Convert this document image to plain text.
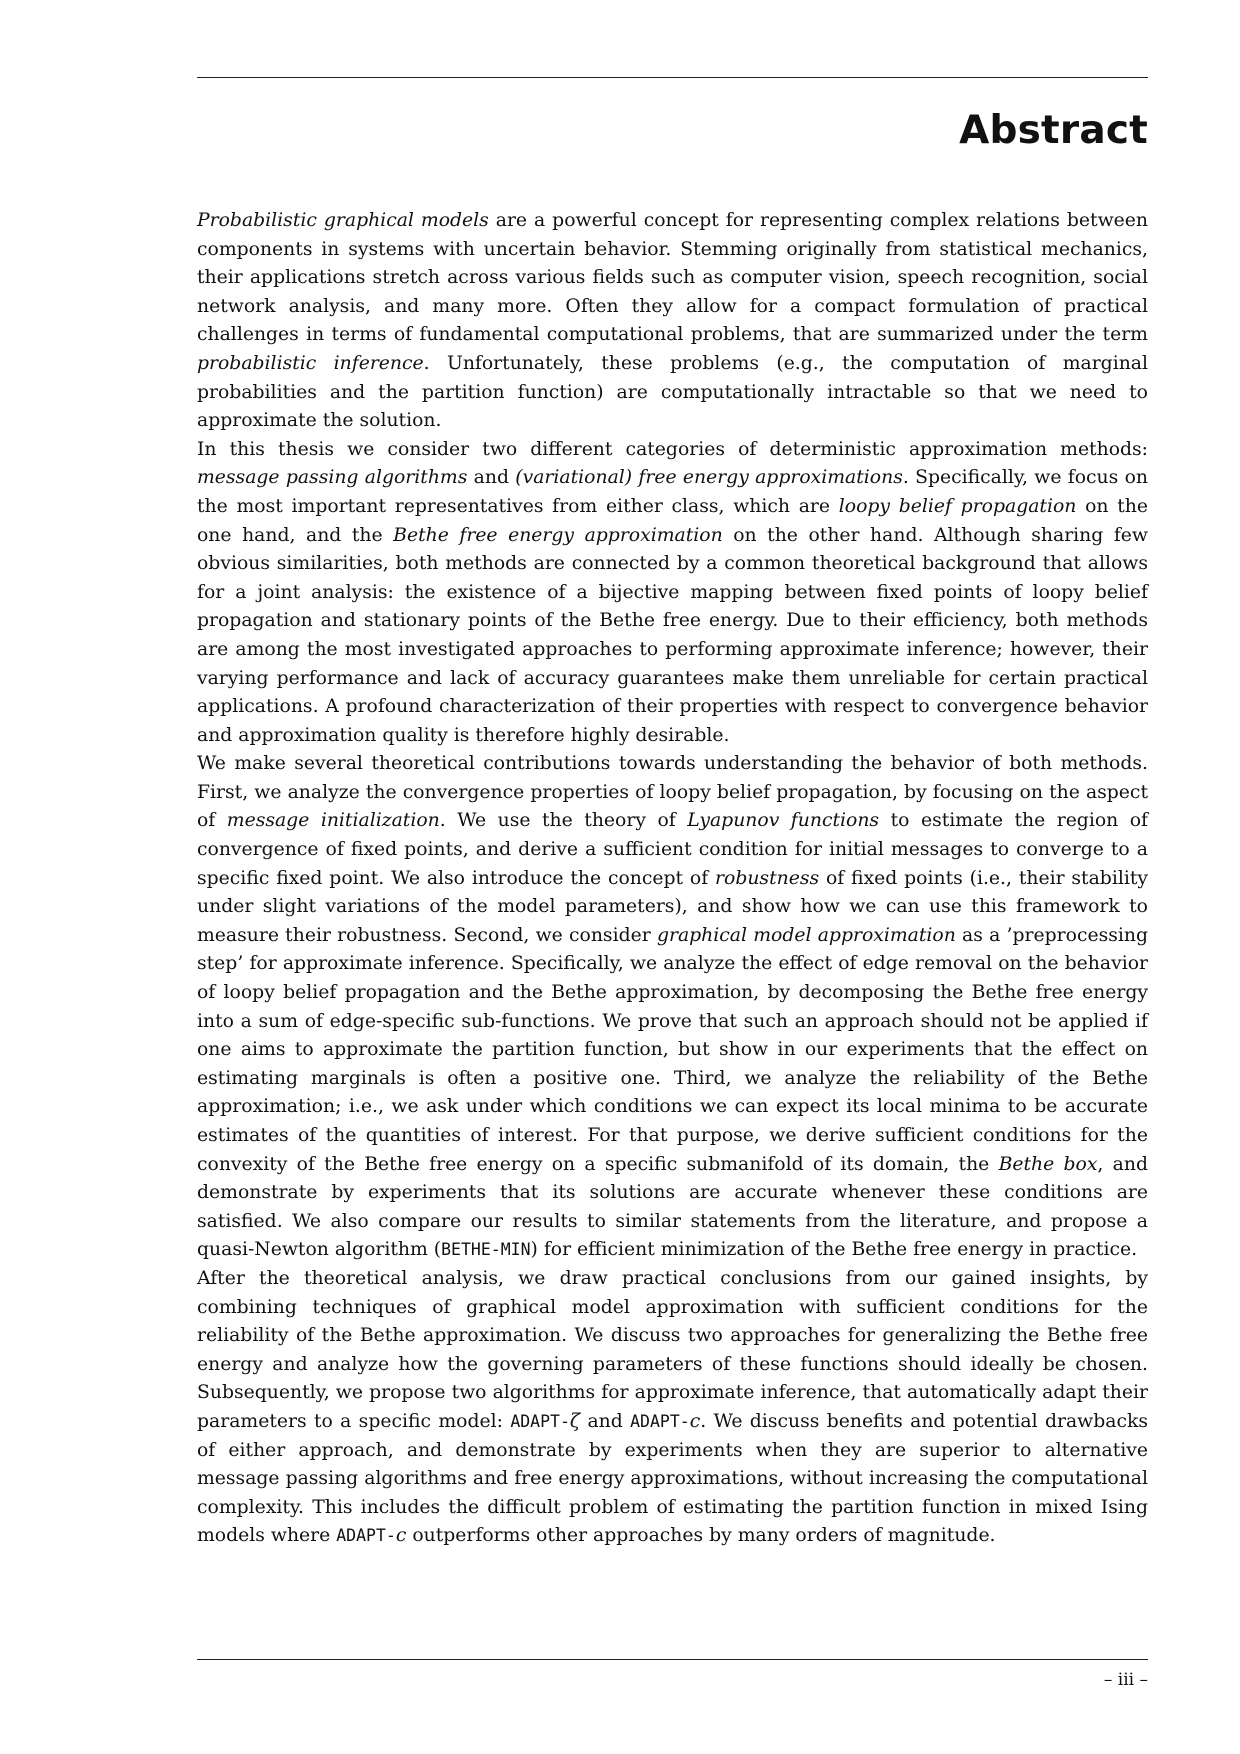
Abstract

Probabilistic graphical models are a powerful concept for representing complex relations between components in systems with uncertain behavior. Stemming originally from statistical mechanics, their applications stretch across various fields such as computer vision, speech recognition, social network analysis, and many more. Often they allow for a compact formulation of practical challenges in terms of fundamental computational problems, that are summarized under the term probabilistic inference. Unfortunately, these problems (e.g., the computation of marginal probabilities and the partition function) are computationally intractable so that we need to approximate the solution.

In this thesis we consider two different categories of deterministic approximation methods: message passing algorithms and (variational) free energy approximations. Specifically, we focus on the most important representatives from either class, which are loopy belief propagation on the one hand, and the Bethe free energy approximation on the other hand. Although sharing few obvious similarities, both methods are connected by a common theoretical background that allows for a joint analysis: the existence of a bijective mapping between fixed points of loopy belief propagation and stationary points of the Bethe free energy. Due to their efficiency, both methods are among the most investigated approaches to performing approximate inference; however, their varying performance and lack of accuracy guarantees make them unreliable for certain practical applications. A profound characterization of their properties with respect to convergence behavior and approximation quality is therefore highly desirable.

We make several theoretical contributions towards understanding the behavior of both methods. First, we analyze the convergence properties of loopy belief propagation, by focusing on the aspect of message initialization. We use the theory of Lyapunov functions to estimate the region of convergence of fixed points, and derive a sufficient condition for initial messages to converge to a specific fixed point. We also introduce the concept of robustness of fixed points (i.e., their stability under slight variations of the model parameters), and show how we can use this framework to measure their robustness. Second, we consider graphical model approximation as a ’preprocessing step’ for approximate inference. Specifically, we analyze the effect of edge removal on the behavior of loopy belief propagation and the Bethe approximation, by decomposing the Bethe free energy into a sum of edge-specific sub-functions. We prove that such an approach should not be applied if one aims to approximate the partition function, but show in our experiments that the effect on estimating marginals is often a positive one. Third, we analyze the reliability of the Bethe approximation; i.e., we ask under which conditions we can expect its local minima to be accurate estimates of the quantities of interest. For that purpose, we derive sufficient conditions for the convexity of the Bethe free energy on a specific submanifold of its domain, the Bethe box, and demonstrate by experiments that its solutions are accurate whenever these conditions are satisfied. We also compare our results to similar statements from the literature, and propose a quasi-Newton algorithm (BETHE-MIN) for efficient minimization of the Bethe free energy in practice.

After the theoretical analysis, we draw practical conclusions from our gained insights, by combining techniques of graphical model approximation with sufficient conditions for the reliability of the Bethe approximation. We discuss two approaches for generalizing the Bethe free energy and analyze how the governing parameters of these functions should ideally be chosen. Subsequently, we propose two algorithms for approximate inference, that automatically adapt their parameters to a specific model: ADAPT-ζ and ADAPT-c. We discuss benefits and potential drawbacks of either approach, and demonstrate by experiments when they are superior to alternative message passing algorithms and free energy approximations, without increasing the computational complexity. This includes the difficult problem of estimating the partition function in mixed Ising models where ADAPT-c outperforms other approaches by many orders of magnitude.

– iii –
